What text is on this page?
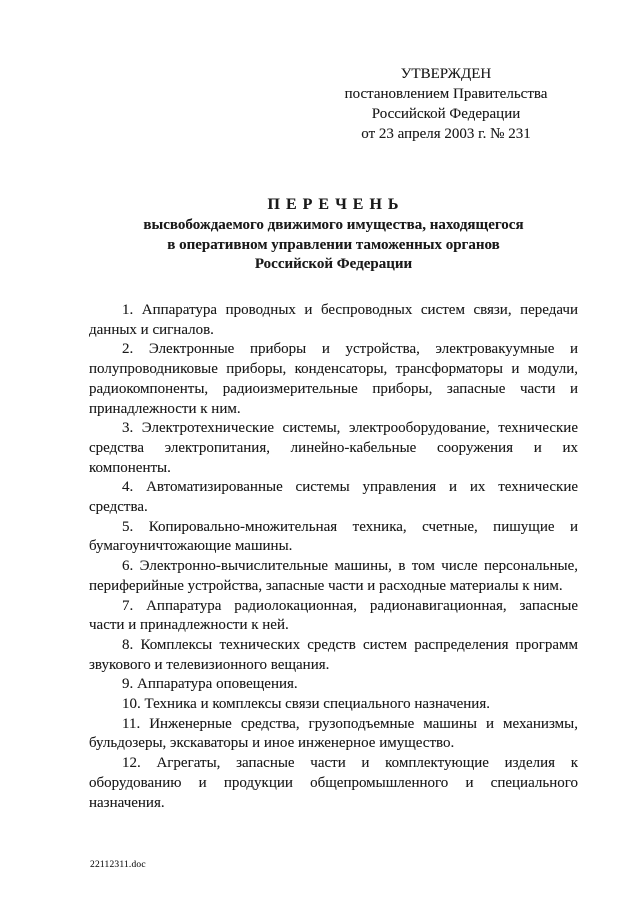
УТВЕРЖДЕН
постановлением Правительства
Российской Федерации
от 23 апреля 2003 г. № 231
П Е Р Е Ч Е Н Ь
высвобождаемого движимого имущества, находящегося
в оперативном управлении таможенных органов
Российской Федерации

1. Аппаратура проводных и беспроводных систем связи, передачи данных и сигналов.

2. Электронные приборы и устройства, электровакуумные и полупроводниковые приборы, конденсаторы, трансформаторы и модули, радиокомпоненты, радиоизмерительные приборы, запасные части и принадлежности к ним.

3. Электротехнические системы, электрооборудование, технические средства электропитания, линейно-кабельные сооружения и их компоненты.

4. Автоматизированные системы управления и их технические средства.

5. Копировально-множительная техника, счетные, пишущие и бумагоуничтожающие машины.

6. Электронно-вычислительные машины, в том числе персональные, периферийные устройства, запасные части и расходные материалы к ним.

7. Аппаратура радиолокационная, радионавигационная, запасные части и принадлежности к ней.

8. Комплексы технических средств систем распределения программ звукового и телевизионного вещания.

9. Аппаратура оповещения.

10. Техника и комплексы связи специального назначения.

11. Инженерные средства, грузоподъемные машины и механизмы, бульдозеры, экскаваторы и иное инженерное имущество.

12. Агрегаты, запасные части и комплектующие изделия к оборудованию и продукции общепромышленного и специального назначения.

22112311.doc
